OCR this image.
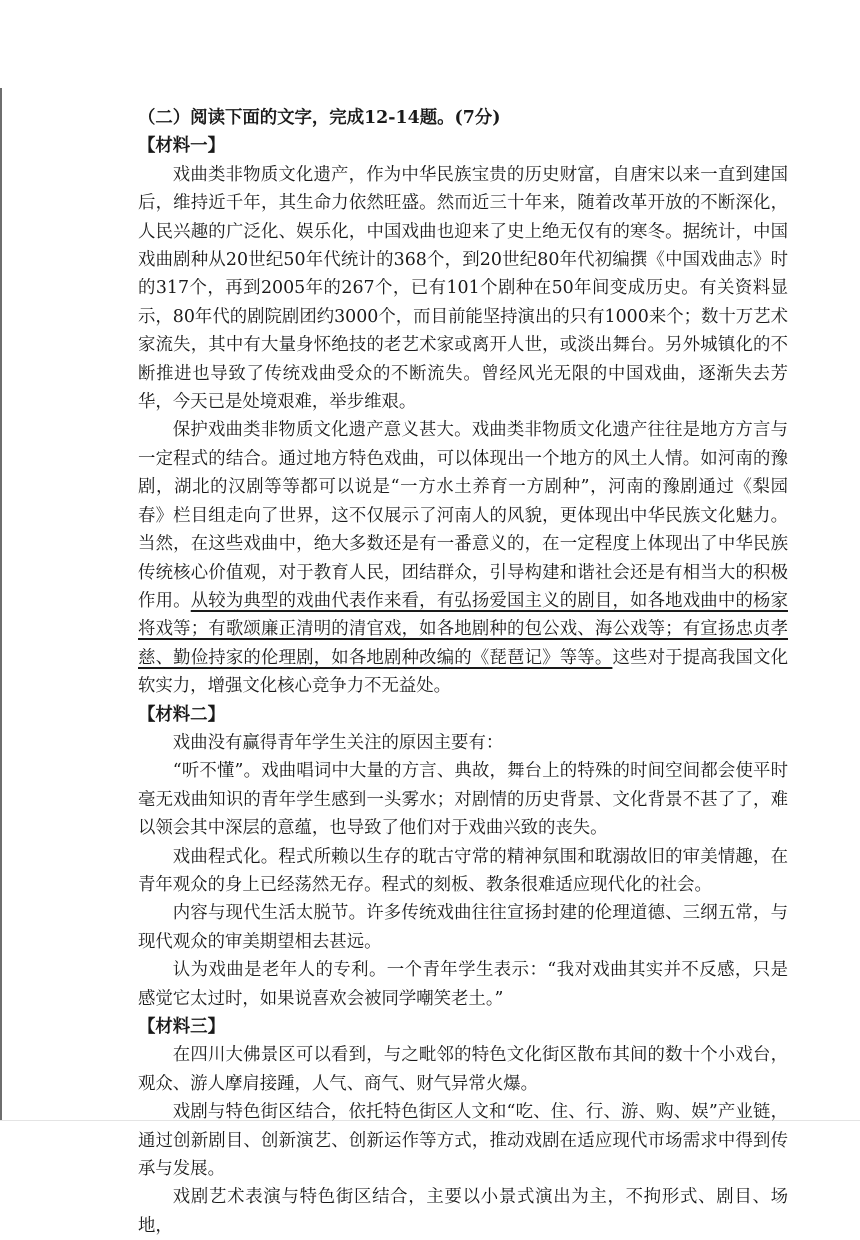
（二）阅读下面的文字，完成12-14题。(7分)

【材料一】

戏曲类非物质文化遗产，作为中华民族宝贵的历史财富，自唐宋以来一直到建国后，维持近千年，其生命力依然旺盛。然而近三十年来，随着改革开放的不断深化，人民兴趣的广泛化、娱乐化，中国戏曲也迎来了史上绝无仅有的寒冬。据统计，中国戏曲剧种从20世纪50年代统计的368个，到20世纪80年代初编撰《中国戏曲志》时的317个，再到2005年的267个，已有101个剧种在50年间变成历史。有关资料显示，80年代的剧院剧团约3000个，而目前能坚持演出的只有1000来个；数十万艺术家流失，其中有大量身怀绝技的老艺术家或离开人世，或淡出舞台。另外城镇化的不断推进也导致了传统戏曲受众的不断流失。曾经风光无限的中国戏曲，逐渐失去芳华，今天已是处境艰难，举步维艰。

保护戏曲类非物质文化遗产意义甚大。戏曲类非物质文化遗产往往是地方方言与一定程式的结合。通过地方特色戏曲，可以体现出一个地方的风土人情。如河南的豫剧，湖北的汉剧等等都可以说是“一方水土养育一方剧种”，河南的豫剧通过《梨园春》栏目组走向了世界，这不仅展示了河南人的风貌，更体现出中华民族文化魅力。当然，在这些戏曲中，绝大多数还是有一番意义的，在一定程度上体现出了中华民族传统核心价值观，对于教育人民，团结群众，引导构建和谐社会还是有相当大的积极作用。从较为典型的戏曲代表作来看，有弘扬爱国主义的剧目，如各地戏曲中的杨家将戏等；有歌颂廉正清明的清官戏，如各地剧种的包公戏、海公戏等；有宣扬忠贞孝慈、勤俭持家的伦理剧，如各地剧种改编的《琵琶记》等等。这些对于提高我国文化软实力，增强文化核心竞争力不无益处。

【材料二】

戏曲没有赢得青年学生关注的原因主要有：

“听不懂”。戏曲唱词中大量的方言、典故，舞台上的特殊的时间空间都会使平时毫无戏曲知识的青年学生感到一头雾水；对剧情的历史背景、文化背景不甚了了，难以领会其中深层的意蕴，也导致了他们对于戏曲兴致的丧失。

戏曲程式化。程式所赖以生存的耽古守常的精神氛围和耽溺故旧的审美情趣，在青年观众的身上已经荡然无存。程式的刻板、教条很难适应现代化的社会。

内容与现代生活太脱节。许多传统戏曲往往宣扬封建的伦理道德、三纲五常，与现代观众的审美期望相去甚远。

认为戏曲是老年人的专利。一个青年学生表示：“我对戏曲其实并不反感，只是感觉它太过时，如果说喜欢会被同学嘲笑老土。”

【材料三】

在四川大佛景区可以看到，与之毗邻的特色文化街区散布其间的数十个小戏台，观众、游人摩肩接踵，人气、商气、财气异常火爆。

戏剧与特色街区结合，依托特色街区人文和“吃、住、行、游、购、娱”产业链，通过创新剧目、创新演艺、创新运作等方式，推动戏剧在适应现代市场需求中得到传承与发展。

戏剧艺术表演与特色街区结合，主要以小景式演出为主，不拘形式、剧目、场地，
